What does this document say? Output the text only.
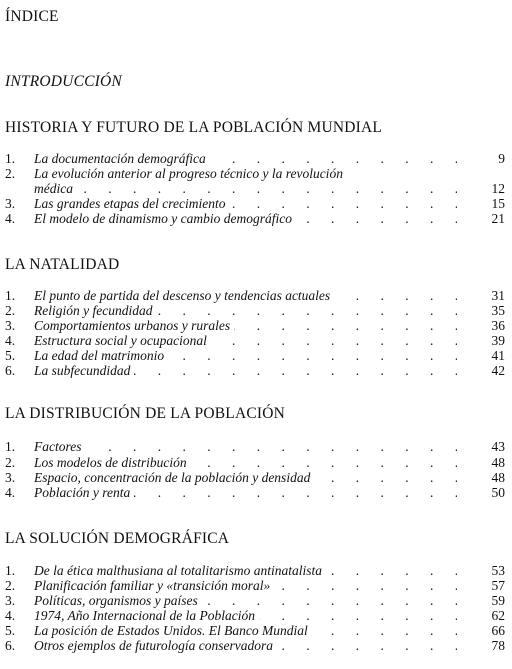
ÍNDICE
INTRODUCCIÓN
HISTORIA Y FUTURO DE LA POBLACIÓN MUNDIAL
1. La documentación demográfica . . .	9
2. La evolución anterior al progreso técnico y la revolución
médica . . .	12
3. Las grandes etapas del crecimiento . . .	15
4. El modelo de dinamismo y cambio demográfico . . .	21
LA NATALIDAD
1. El punto de partida del descenso y tendencias actuales . . .	31
2. Religión y fecundidad . . .	35
3. Comportamientos urbanos y rurales . . .	36
4. Estructura social y ocupacional . . .	39
5. La edad del matrimonio . . .	41
6. La subfecundidad . . .	42
LA DISTRIBUCIÓN DE LA POBLACIÓN
1. Factores . . .	43
2. Los modelos de distribución . . .	48
3. Espacio, concentración de la población y densidad . . .	48
4. Población y renta . . .	50
LA SOLUCIÓN DEMOGRÁFICA
1. De la ética malthusiana al totalitarismo antinatalista . . .	53
2. Planificación familiar y «transición moral» . . .	57
3. Políticas, organismos y países . . .	59
4. 1974, Año Internacional de la Población . . .	62
5. La posición de Estados Unidos. El Banco Mundial . . .	66
6. Otros ejemplos de futurología conservadora . . .	78
